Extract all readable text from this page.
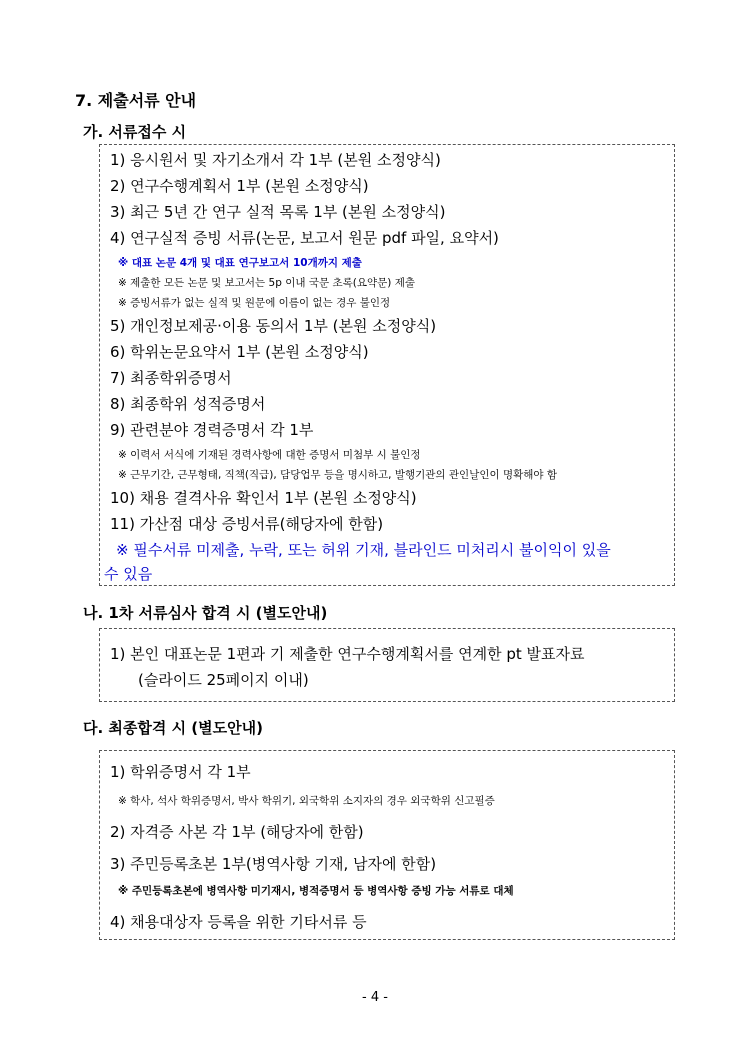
7. 제출서류 안내
가. 서류접수 시
1) 응시원서 및 자기소개서 각 1부 (본원 소정양식)
2) 연구수행계획서 1부 (본원 소정양식)
3) 최근 5년 간 연구 실적 목록 1부 (본원 소정양식)
4) 연구실적 증빙 서류(논문, 보고서 원문 pdf 파일, 요약서)
※ 대표 논문 4개 및 대표 연구보고서 10개까지 제출
※ 제출한 모든 논문 및 보고서는 5p 이내 국문 초록(요약문) 제출
※ 증빙서류가 없는 실적 및 원문에 이름이 없는 경우 불인정
5) 개인정보제공·이용 동의서 1부 (본원 소정양식)
6) 학위논문요약서 1부 (본원 소정양식)
7) 최종학위증명서
8) 최종학위 성적증명서
9) 관련분야 경력증명서 각 1부
※ 이력서 서식에 기재된 경력사항에 대한 증명서 미첨부 시 불인정
※ 근무기간, 근무형태, 직책(직급), 담당업무 등을 명시하고, 발행기관의 관인날인이 명확해야 함
10) 채용 결격사유 확인서 1부 (본원 소정양식)
11) 가산점 대상 증빙서류(해당자에 한함)
※ 필수서류 미제출, 누락, 또는 허위 기재, 블라인드 미처리시 불이익이 있을
수 있음
나. 1차 서류심사 합격 시 (별도안내)
1) 본인 대표논문 1편과 기 제출한 연구수행계획서를 연계한 pt 발표자료
(슬라이드 25페이지 이내)
다. 최종합격 시 (별도안내)
1) 학위증명서 각 1부
※ 학사, 석사 학위증명서, 박사 학위기, 외국학위 소지자의 경우 외국학위 신고필증
2) 자격증 사본 각 1부 (해당자에 한함)
3) 주민등록초본 1부(병역사항 기재, 남자에 한함)
※ 주민등록초본에 병역사항 미기재시, 병적증명서 등 병역사항 증빙 가능 서류로 대체
4) 채용대상자 등록을 위한 기타서류 등
- 4 -
